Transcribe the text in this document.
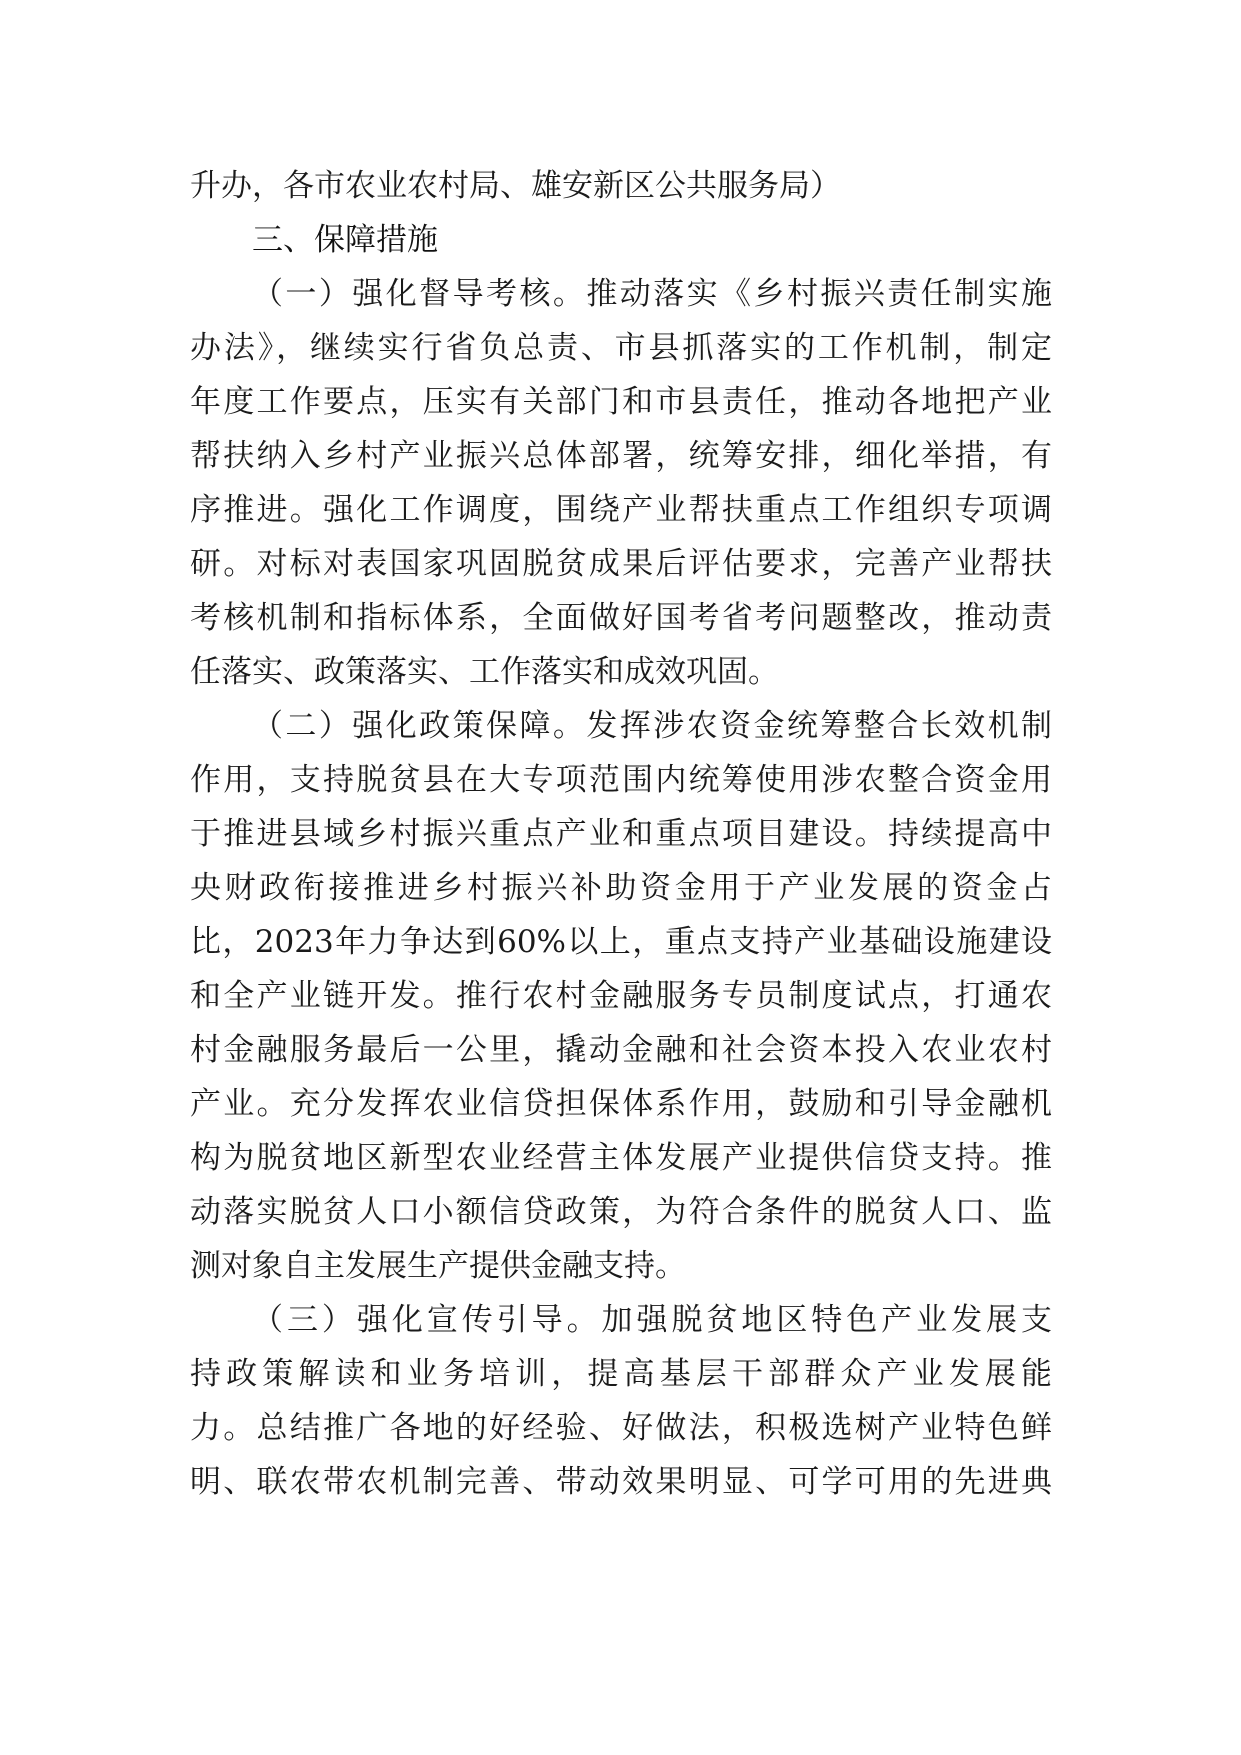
升办，各市农业农村局、雄安新区公共服务局）
三、保障措施
（一）强化督导考核。推动落实《乡村振兴责任制实施
办法》，继续实行省负总责、市县抓落实的工作机制，制定
年度工作要点，压实有关部门和市县责任，推动各地把产业
帮扶纳入乡村产业振兴总体部署，统筹安排，细化举措，有
序推进。强化工作调度，围绕产业帮扶重点工作组织专项调
研。对标对表国家巩固脱贫成果后评估要求，完善产业帮扶
考核机制和指标体系，全面做好国考省考问题整改，推动责
任落实、政策落实、工作落实和成效巩固。
（二）强化政策保障。发挥涉农资金统筹整合长效机制
作用，支持脱贫县在大专项范围内统筹使用涉农整合资金用
于推进县域乡村振兴重点产业和重点项目建设。持续提高中
央财政衔接推进乡村振兴补助资金用于产业发展的资金占
比，2023年力争达到60%以上，重点支持产业基础设施建设
和全产业链开发。推行农村金融服务专员制度试点，打通农
村金融服务最后一公里，撬动金融和社会资本投入农业农村
产业。充分发挥农业信贷担保体系作用，鼓励和引导金融机
构为脱贫地区新型农业经营主体发展产业提供信贷支持。推
动落实脱贫人口小额信贷政策，为符合条件的脱贫人口、监
测对象自主发展生产提供金融支持。
（三）强化宣传引导。加强脱贫地区特色产业发展支
持政策解读和业务培训，提高基层干部群众产业发展能
力。总结推广各地的好经验、好做法，积极选树产业特色鲜
明、联农带农机制完善、带动效果明显、可学可用的先进典
